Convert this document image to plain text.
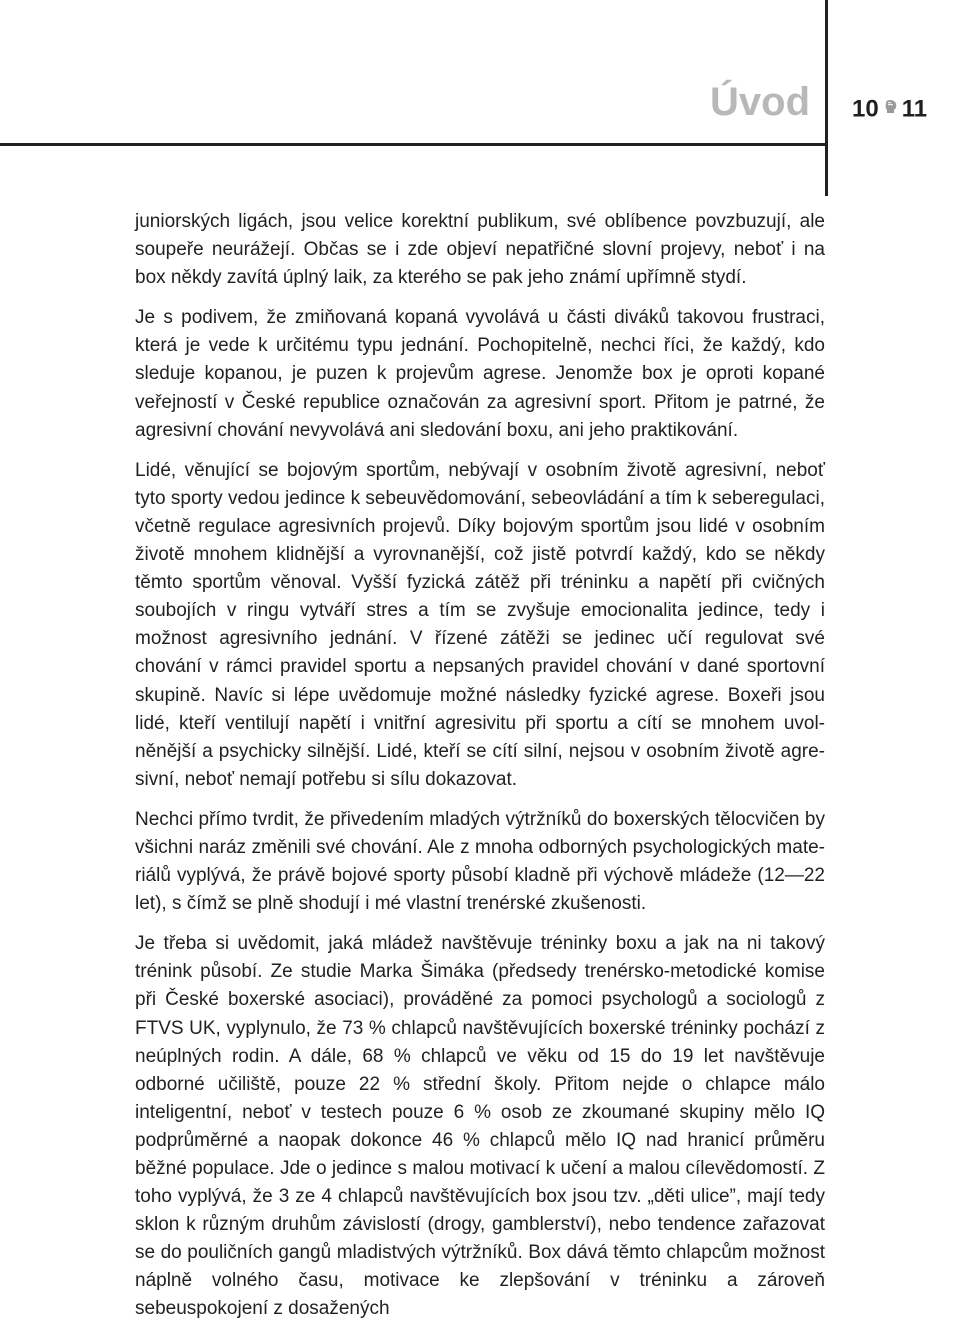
Úvod 10 11

juniorských ligách, jsou velice korektní publikum, své oblíbence povzbuzují, ale soupeře neurážejí. Občas se i zde objeví nepatřičné slovní projevy, neboť i na box někdy zavítá úplný laik, za kterého se pak jeho známí upřímně stydí.

Je s podivem, že zmiňovaná kopaná vyvolává u části diváků takovou frustraci, která je vede k určitému typu jednání. Pochopitelně, nechci říci, že každý, kdo sleduje kopanou, je puzen k projevům agrese. Jenomže box je oproti kopané veřejností v České republice označován za agresivní sport. Přitom je patrné, že agresivní chování nevyvolává ani sledování boxu, ani jeho praktikování.

Lidé, věnující se bojovým sportům, nebývají v osobním životě agresivní, neboť tyto sporty vedou jedince k sebeuvědomování, sebeovládání a tím k seberegulaci, včetně regulace agresivních projevů. Díky bojovým sportům jsou lidé v osobním životě mnohem klidnější a vyrovnanější, což jistě potvrdí každý, kdo se někdy těmto sportům věnoval. Vyšší fyzická zátěž při tréninku a napětí při cvičných soubojích v ringu vytváří stres a tím se zvyšuje emocionalita jedince, tedy i možnost agresivního jednání. V řízené zátěži se jedinec učí regulovat své chování v rámci pravidel sportu a nepsaných pravidel chování v dané sportovní skupině. Navíc si lépe uvědomuje možné následky fyzické agrese. Boxeři jsou lidé, kteří ventilují napětí i vnitřní agresivitu při sportu a cítí se mnohem uvolněnější a psychicky silnější. Lidé, kteří se cítí silní, nejsou v osobním životě agresivní, neboť nemají potřebu si sílu dokazovat.

Nechci přímo tvrdit, že přivedením mladých výtržníků do boxerských tělocvičen by všichni naráz změnili své chování. Ale z mnoha odborných psychologických materiálů vyplývá, že právě bojové sporty působí kladně při výchově mládeže (12—22 let), s čímž se plně shodují i mé vlastní trenérské zkušenosti.

Je třeba si uvědomit, jaká mládež navštěvuje tréninky boxu a jak na ni takový trénink působí. Ze studie Marka Šimáka (předsedy trenérsko-metodické komise při České boxerské asociaci), prováděné za pomoci psychologů a sociologů z FTVS UK, vyplynulo, že 73 % chlapců navštěvujících boxerské tréninky pochází z neúplných rodin. A dále, 68 % chlapců ve věku od 15 do 19 let navštěvuje odborné učiliště, pouze 22 % střední školy. Přitom nejde o chlapce málo inteligentní, neboť v testech pouze 6 % osob ze zkoumané skupiny mělo IQ podprůměrné a naopak dokonce 46 % chlapců mělo IQ nad hranicí průměru běžné populace. Jde o jedince s malou motivací k učení a malou cílevědomostí. Z toho vyplývá, že 3 ze 4 chlapců navštěvujících box jsou tzv. „děti ulice”, mají tedy sklon k různým druhům závislostí (drogy, gamblerství), nebo tendence zařazovat se do pouličních gangů mladistvých výtržníků. Box dává těmto chlapcům možnost náplně volného času, motivace ke zlepšování v tréninku a zároveň sebeuspokojení z dosažených
